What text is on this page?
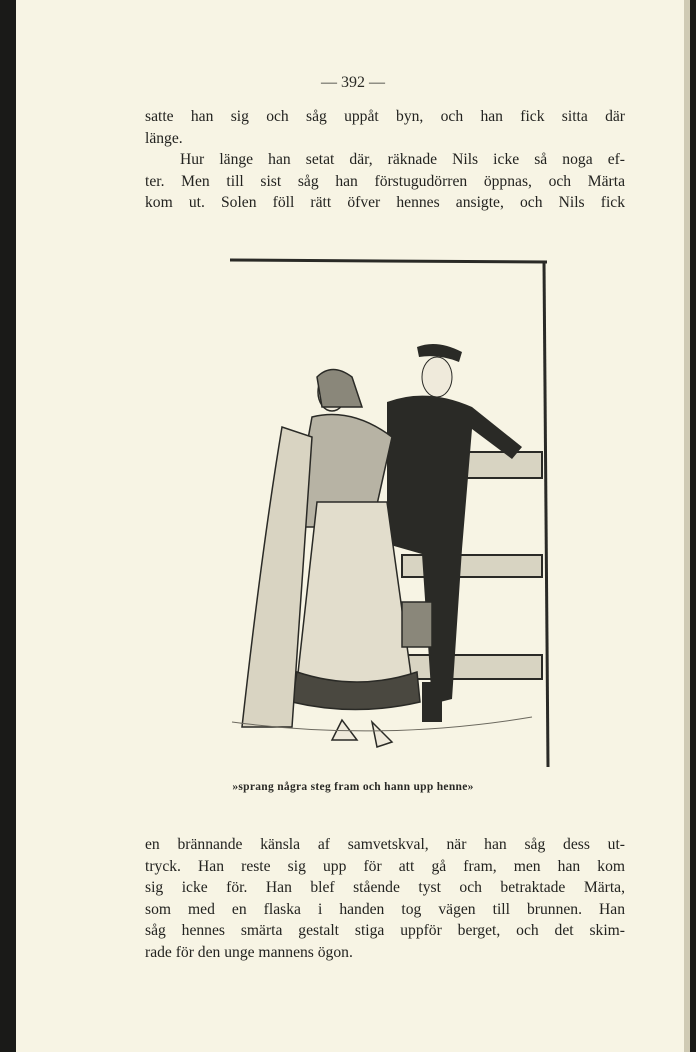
— 392 —
satte han sig och såg uppåt byn, och han fick sitta där
länge.
Hur länge han setat där, räknade Nils icke så noga ef-
ter. Men till sist såg han förstugudörren öppnas, och Märta
kom ut. Solen föll rätt öfver hennes ansigte, och Nils fick
»sprang några steg fram och hann upp henne»
en brännande känsla af samvetskval, när han såg dess ut-
tryck. Han reste sig upp för att gå fram, men han kom
sig icke för. Han blef stående tyst och betraktade Märta,
som med en flaska i handen tog vägen till brunnen. Han
såg hennes smärta gestalt stiga uppför berget, och det skim-
rade för den unge mannens ögon.
